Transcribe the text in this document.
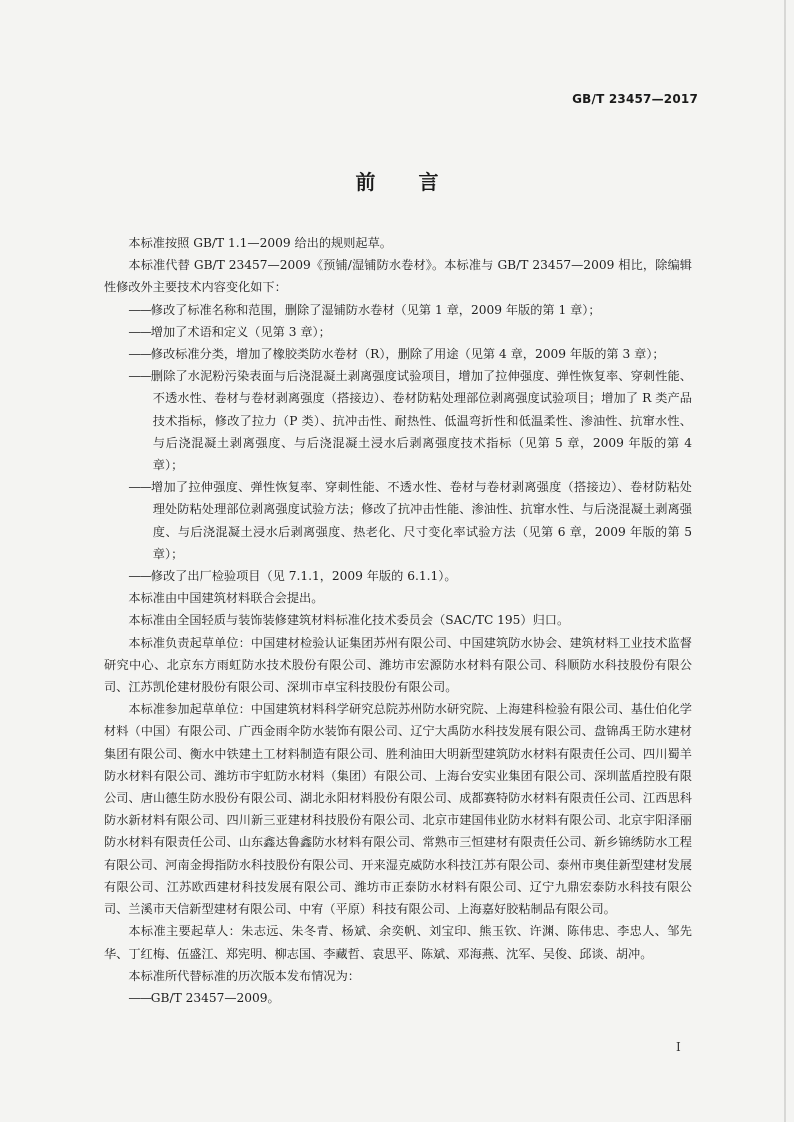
GB/T 23457—2017
前 言

本标准按照 GB/T 1.1—2009 给出的规则起草。

本标准代替 GB/T 23457—2009《预铺/湿铺防水卷材》。本标准与 GB/T 23457—2009 相比，除编辑性修改外主要技术内容变化如下：

——修改了标准名称和范围，删除了湿铺防水卷材（见第 1 章，2009 年版的第 1 章）；

——增加了术语和定义（见第 3 章）；

——修改标准分类，增加了橡胶类防水卷材（R），删除了用途（见第 4 章，2009 年版的第 3 章）；

——删除了水泥粉污染表面与后浇混凝土剥离强度试验项目，增加了拉伸强度、弹性恢复率、穿刺性能、不透水性、卷材与卷材剥离强度（搭接边）、卷材防粘处理部位剥离强度试验项目；增加了 R 类产品技术指标，修改了拉力（P 类）、抗冲击性、耐热性、低温弯折性和低温柔性、渗油性、抗窜水性、与后浇混凝土剥离强度、与后浇混凝土浸水后剥离强度技术指标（见第 5 章，2009 年版的第 4 章）；

——增加了拉伸强度、弹性恢复率、穿刺性能、不透水性、卷材与卷材剥离强度（搭接边）、卷材防粘处理处防粘处理部位剥离强度试验方法；修改了抗冲击性能、渗油性、抗窜水性、与后浇混凝土剥离强度、与后浇混凝土浸水后剥离强度、热老化、尺寸变化率试验方法（见第 6 章，2009 年版的第 5 章）；

——修改了出厂检验项目（见 7.1.1，2009 年版的 6.1.1）。

本标准由中国建筑材料联合会提出。

本标准由全国轻质与装饰装修建筑材料标准化技术委员会（SAC/TC 195）归口。

本标准负责起草单位：中国建材检验认证集团苏州有限公司、中国建筑防水协会、建筑材料工业技术监督研究中心、北京东方雨虹防水技术股份有限公司、潍坊市宏源防水材料有限公司、科顺防水科技股份有限公司、江苏凯伦建材股份有限公司、深圳市卓宝科技股份有限公司。

本标准参加起草单位：中国建筑材料科学研究总院苏州防水研究院、上海建科检验有限公司、基仕伯化学材料（中国）有限公司、广西金雨伞防水装饰有限公司、辽宁大禹防水科技发展有限公司、盘锦禹王防水建材集团有限公司、衡水中铁建土工材料制造有限公司、胜利油田大明新型建筑防水材料有限责任公司、四川蜀羊防水材料有限公司、潍坊市宇虹防水材料（集团）有限公司、上海台安实业集团有限公司、深圳蓝盾控股有限公司、唐山德生防水股份有限公司、湖北永阳材料股份有限公司、成都赛特防水材料有限责任公司、江西思科防水新材料有限公司、四川新三亚建材科技股份有限公司、北京市建国伟业防水材料有限公司、北京宇阳泽丽防水材料有限责任公司、山东鑫达鲁鑫防水材料有限公司、常熟市三恒建材有限责任公司、新乡锦绣防水工程有限公司、河南金拇指防水科技股份有限公司、开来湿克威防水科技江苏有限公司、泰州市奥佳新型建材发展有限公司、江苏欧西建材科技发展有限公司、潍坊市正泰防水材料有限公司、辽宁九鼎宏泰防水科技有限公司、兰溪市天信新型建材有限公司、中宥（平原）科技有限公司、上海嘉好胶粘制品有限公司。

本标准主要起草人：朱志远、朱冬青、杨斌、余奕帆、刘宝印、熊玉钦、许渊、陈伟忠、李忠人、邹先华、丁红梅、伍盛江、郑宪明、柳志国、李藏哲、袁思平、陈斌、邓海燕、沈军、吴俊、邱谈、胡冲。

本标准所代替标准的历次版本发布情况为：

——GB/T 23457—2009。

I
